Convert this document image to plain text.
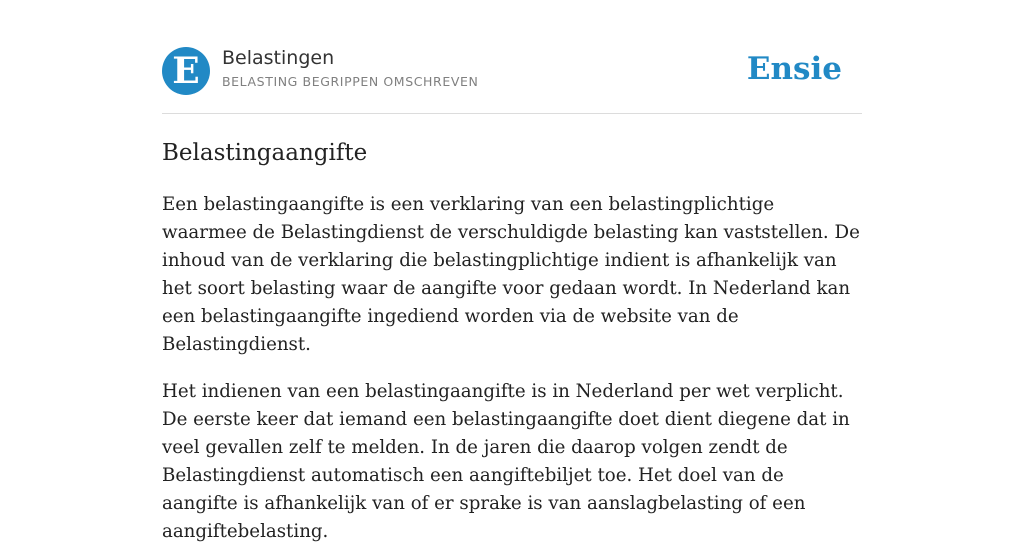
E	Belastingen
BELASTING BEGRIPPEN OMSCHREVEN	Ensie
Belastingaangifte

Een belastingaangifte is een verklaring van een belastingplichtige waarmee de Belastingdienst de verschuldigde belasting kan vaststellen. De inhoud van de verklaring die belastingplichtige indient is afhankelijk van het soort belasting waar de aangifte voor gedaan wordt. In Nederland kan een belastingaangifte ingediend worden via de website van de Belastingdienst.

Het indienen van een belastingaangifte is in Nederland per wet verplicht. De eerste keer dat iemand een belastingaangifte doet dient diegene dat in veel gevallen zelf te melden. In de jaren die daarop volgen zendt de Belastingdienst automatisch een aangiftebiljet toe. Het doel van de aangifte is afhankelijk van of er sprake is van aanslagbelasting of een aangiftebelasting.
